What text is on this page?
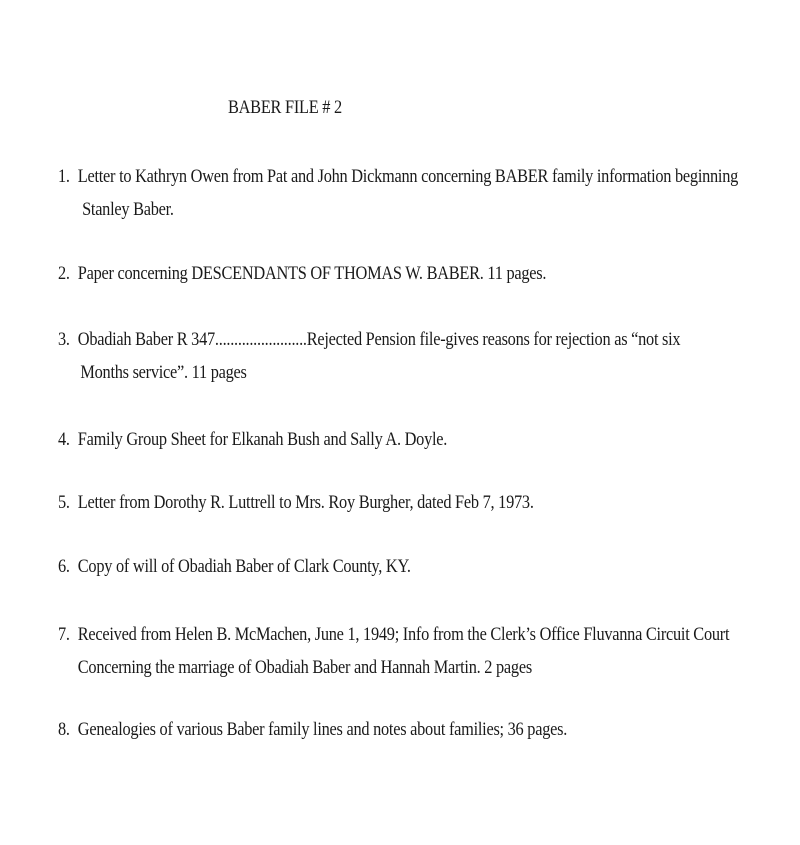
BABER FILE # 2
1. Letter to Kathryn Owen from Pat and John Dickmann concerning BABER family information beginning
Stanley Baber.
2. Paper concerning DESCENDANTS OF THOMAS W. BABER. 11 pages.
3. Obadiah Baber R 347........................Rejected Pension file-gives reasons for rejection as “not six
Months service”. 11 pages
4. Family Group Sheet for Elkanah Bush and Sally A. Doyle.
5. Letter from Dorothy R. Luttrell to Mrs. Roy Burgher, dated Feb 7, 1973.
6. Copy of will of Obadiah Baber of Clark County, KY.
7. Received from Helen B. McMachen, June 1, 1949; Info from the Clerk’s Office Fluvanna Circuit Court
Concerning the marriage of Obadiah Baber and Hannah Martin. 2 pages
8. Genealogies of various Baber family lines and notes about families; 36 pages.
